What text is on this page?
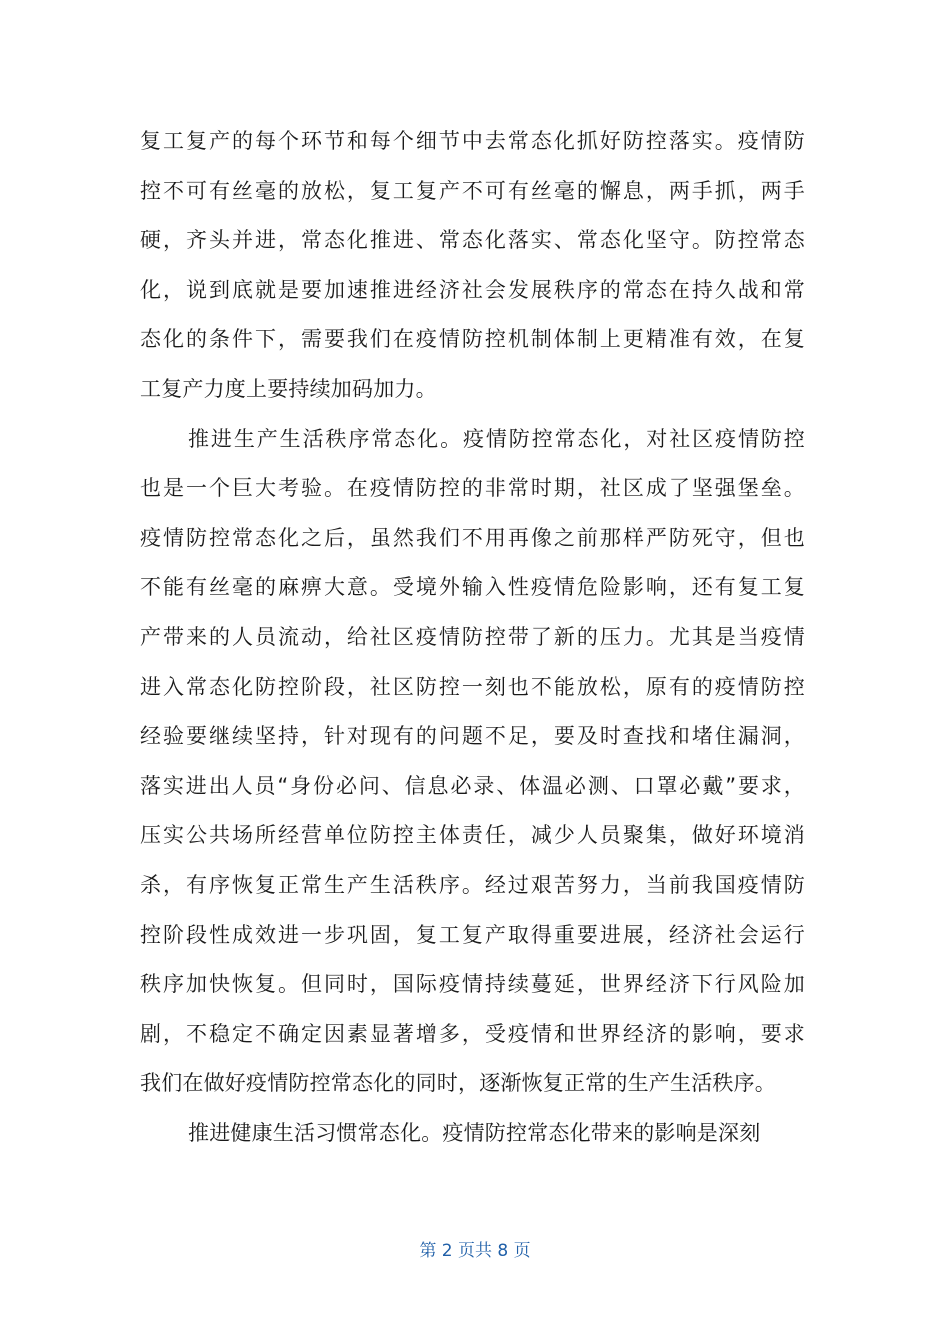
复工复产的每个环节和每个细节中去常态化抓好防控落实。疫情防
控不可有丝毫的放松，复工复产不可有丝毫的懈息，两手抓，两手
硬，齐头并进，常态化推进、常态化落实、常态化坚守。防控常态
化，说到底就是要加速推进经济社会发展秩序的常态在持久战和常
态化的条件下，需要我们在疫情防控机制体制上更精准有效，在复
工复产力度上要持续加码加力。
推进生产生活秩序常态化。疫情防控常态化，对社区疫情防控
也是一个巨大考验。在疫情防控的非常时期，社区成了坚强堡垒。
疫情防控常态化之后，虽然我们不用再像之前那样严防死守，但也
不能有丝毫的麻痹大意。受境外输入性疫情危险影响，还有复工复
产带来的人员流动，给社区疫情防控带了新的压力。尤其是当疫情
进入常态化防控阶段，社区防控一刻也不能放松，原有的疫情防控
经验要继续坚持，针对现有的问题不足，要及时查找和堵住漏洞，
落实进出人员“身份必问、信息必录、体温必测、口罩必戴”要求，
压实公共场所经营单位防控主体责任，减少人员聚集，做好环境消
杀，有序恢复正常生产生活秩序。经过艰苦努力，当前我国疫情防
控阶段性成效进一步巩固，复工复产取得重要进展，经济社会运行
秩序加快恢复。但同时，国际疫情持续蔓延，世界经济下行风险加
剧，不稳定不确定因素显著增多，受疫情和世界经济的影响，要求
我们在做好疫情防控常态化的同时，逐渐恢复正常的生产生活秩序。
推进健康生活习惯常态化。疫情防控常态化带来的影响是深刻
第 2 页共 8 页
